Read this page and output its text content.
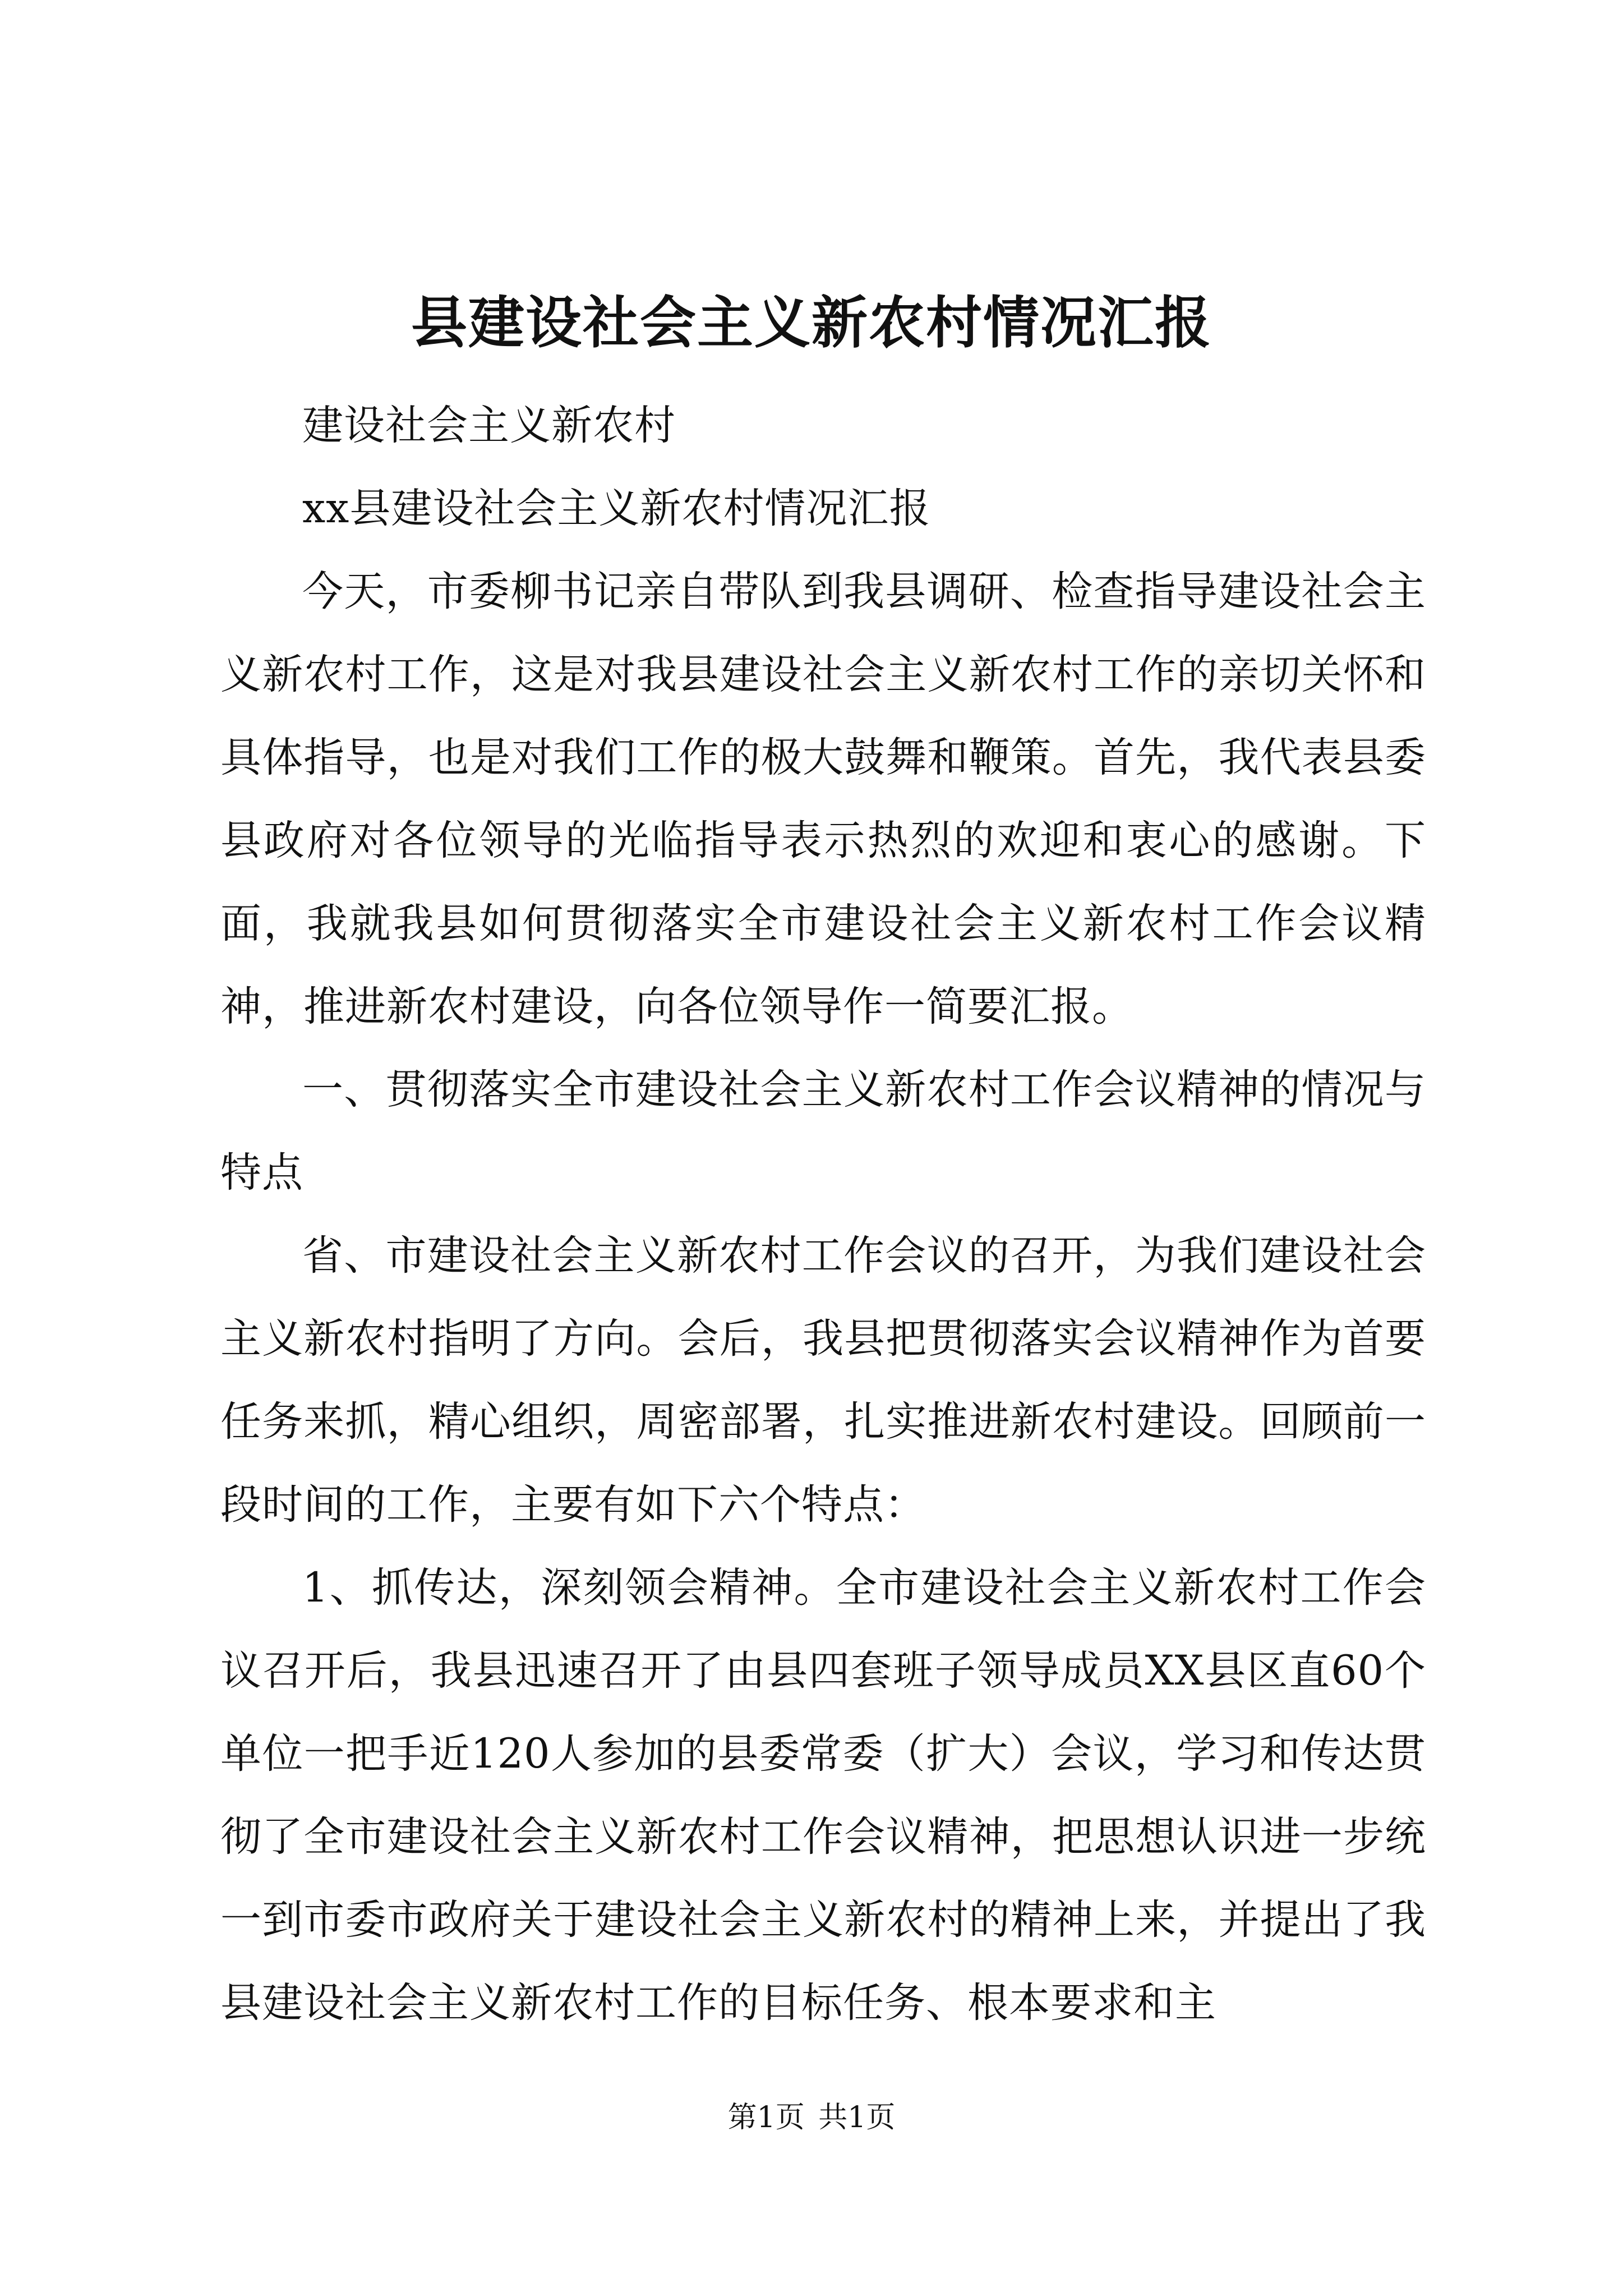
县建设社会主义新农村情况汇报

建设社会主义新农村

xx县建设社会主义新农村情况汇报

今天，市委柳书记亲自带队到我县调研、检查指导建设社会主义新农村工作，这是对我县建设社会主义新农村工作的亲切关怀和具体指导，也是对我们工作的极大鼓舞和鞭策。首先，我代表县委县政府对各位领导的光临指导表示热烈的欢迎和衷心的感谢。下面，我就我县如何贯彻落实全市建设社会主义新农村工作会议精神，推进新农村建设，向各位领导作一简要汇报。

一、贯彻落实全市建设社会主义新农村工作会议精神的情况与特点

省、市建设社会主义新农村工作会议的召开，为我们建设社会主义新农村指明了方向。会后，我县把贯彻落实会议精神作为首要任务来抓，精心组织，周密部署，扎实推进新农村建设。回顾前一段时间的工作，主要有如下六个特点：

1、抓传达，深刻领会精神。全市建设社会主义新农村工作会议召开后，我县迅速召开了由县四套班子领导成员XX县区直60个单位一把手近120人参加的县委常委（扩大）会议，学习和传达贯彻了全市建设社会主义新农村工作会议精神，把思想认识进一步统一到市委市政府关于建设社会主义新农村的精神上来，并提出了我县建设社会主义新农村工作的目标任务、根本要求和主

第1页 共1页
